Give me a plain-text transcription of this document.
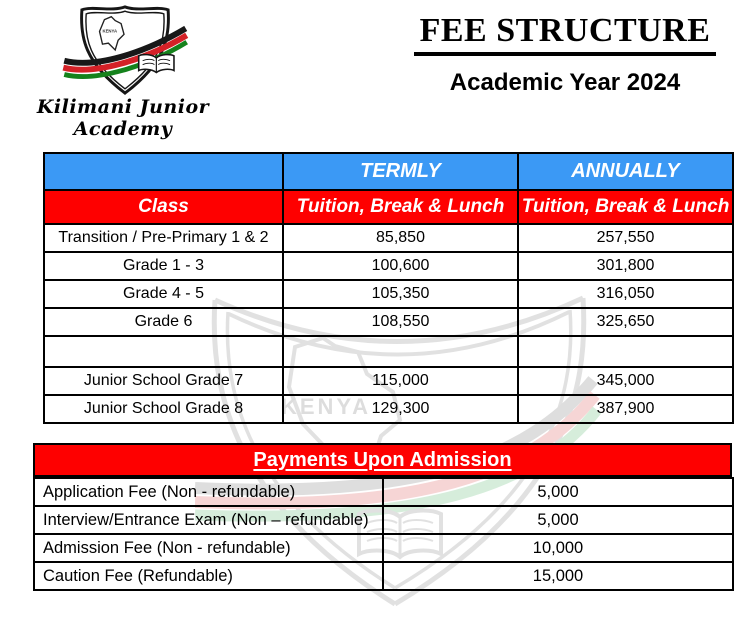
KENYA
KENYA
Kilimani Junior Academy
FEE STRUCTURE
Academic Year 2024
	TERMLY	ANNUALLY
Class	Tuition, Break & Lunch	Tuition, Break & Lunch
Transition / Pre-Primary 1 & 2	85,850	257,550
Grade 1 - 3	100,600	301,800
Grade 4 - 5	105,350	316,050
Grade 6	108,550	325,650

Junior School Grade 7	115,000	345,000
Junior School Grade 8	129,300	387,900
Payments Upon Admission
Application Fee (Non - refundable)	5,000
Interview/Entrance Exam (Non – refundable)	5,000
Admission Fee (Non - refundable)	10,000
Caution Fee (Refundable)	15,000
